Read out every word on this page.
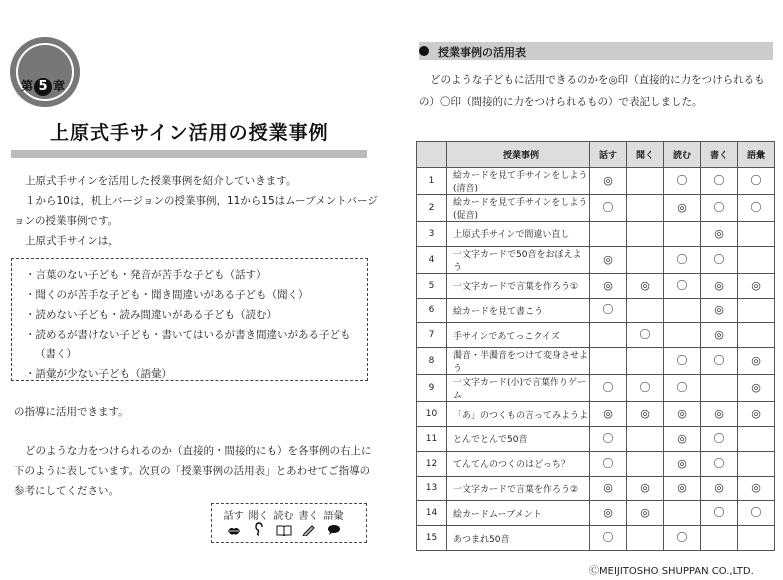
第 5 章
上原式手サイン活用の授業事例
上原式手サインを活用した授業事例を紹介していきます。
１から10は，机上バージョンの授業事例，11から15はムーブメントバージ
ョンの授業事例です。
上原式手サインは，
・言葉のない子ども・発音が苦手な子ども（話す）
・聞くのが苦手な子ども・聞き間違いがある子ども（聞く）
・読めない子ども・読み間違いがある子ども（読む）
・読めるが書けない子ども・書いてはいるが書き間違いがある子ども
（書く）
・語彙が少ない子ども（語彙）
の指導に活用できます。
どのような力をつけられるのか（直接的・間接的にも）を各事例の右上に
下のように表しています。次頁の「授業事例の活用表」とあわせてご指導の
参考にしてください。
話す 聞く 読む 書く 語彙
授業事例の活用表
どのような子どもに活用できるのかを◎印（直接的に力をつけられるも
の）〇印（間接的に力をつけられるもの）で表記しました。
	授業事例	話す	聞く	読む	書く	語彙
1	絵カードを見て手サインをしよう(清音)	◎		〇	〇	〇
2	絵カードを見て手サインをしよう(促音)	〇		◎	〇	〇
3	上原式手サインで間違い直し				◎	
4	一文字カードで50音をおぼえよう	◎		〇	〇	
5	一文字カードで言葉を作ろう①	◎	◎	〇	◎	◎
6	絵カードを見て書こう	〇			◎	
7	手サインであてっこクイズ		〇		◎	
8	濁音・半濁音をつけて変身させよう			〇	〇	◎
9	一文字カード(小)で言葉作りゲーム	〇	〇	〇		◎
10	「あ」のつくもの言ってみようよ	◎	◎	◎	◎	◎
11	とんでとんで50音	〇		◎	〇	
12	てんてんのつくのはどっち？	〇		◎	〇	
13	一文字カードで言葉を作ろう②	◎	◎	◎	◎	◎
14	絵カードムーブメント	◎	◎		〇	〇
15	あつまれ50音	〇		〇		
ⒸMEIJITOSHO SHUPPAN CO.,LTD.
